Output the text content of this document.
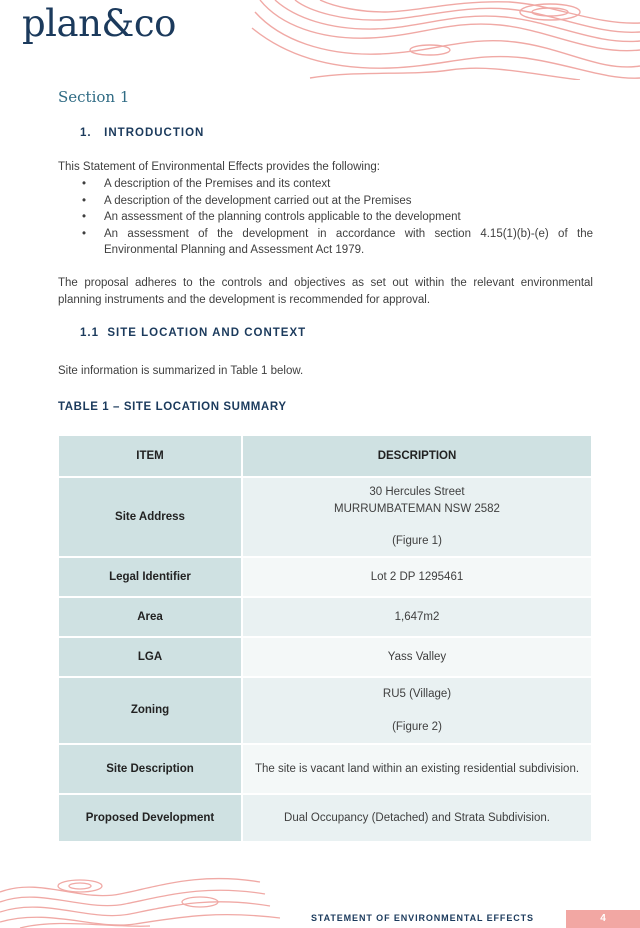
plan&co
Section 1
1.   INTRODUCTION
This Statement of Environmental Effects provides the following:
• A description of the Premises and its context
• A description of the development carried out at the Premises
• An assessment of the planning controls applicable to the development
• An assessment of the development in accordance with section 4.15(1)(b)-(e) of the Environmental Planning and Assessment Act 1979.
The proposal adheres to the controls and objectives as set out within the relevant environmental planning instruments and the development is recommended for approval.
1.1  SITE LOCATION AND CONTEXT
Site information is summarized in Table 1 below.
TABLE 1 – SITE LOCATION SUMMARY
ITEM	DESCRIPTION
Site Address	30 Hercules Street
MURRUMBATEMAN NSW 2582
(Figure 1)

Legal Identifier	Lot 2 DP 1295461
Area	1,647m2
LGA	Yass Valley
Zoning	RU5 (Village)
(Figure 2)

Site Description	The site is vacant land within an existing residential subdivision.
Proposed Development	Dual Occupancy (Detached) and Strata Subdivision.
STATEMENT OF ENVIRONMENTAL EFFECTS	4
